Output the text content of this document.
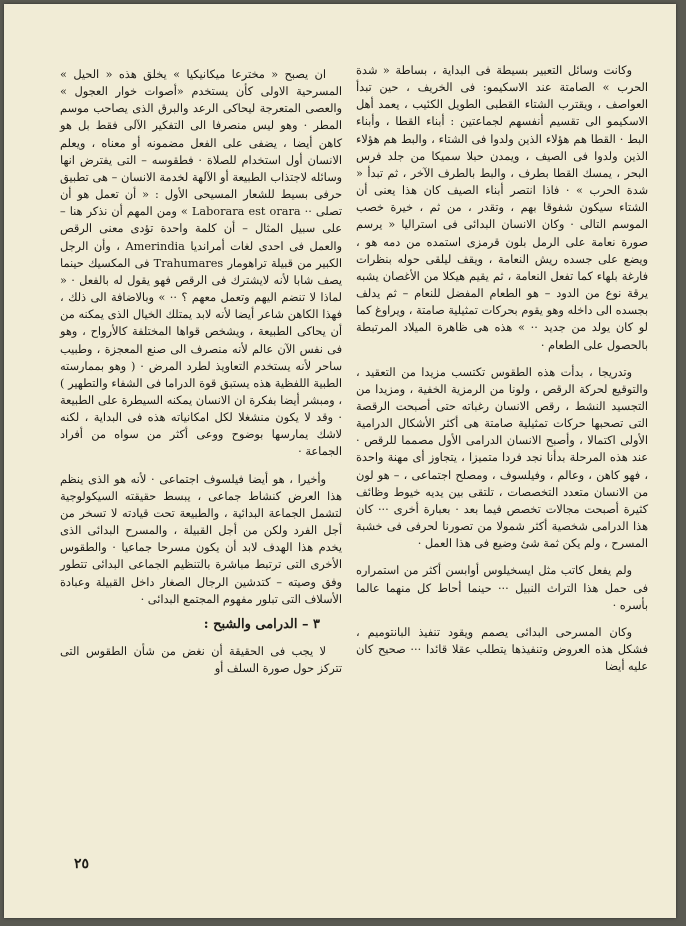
وكانت وسائل التعبير بسيطة فى البداية ، بساطة « شدة الحرب » الصامتة عند الاسكيمو: فى الخريف ، حين تبدأ العواصف ، ويقترب الشتاء القطبى الطويل الكئيب ، يعمد أهل الاسكيمو الى تقسيم أنفسهم لجماعتين : أبناء القطا ، وأبناء البط · القطا هم هؤلاء الذين ولدوا فى الشتاء ، والبط هم هؤلاء الذين ولدوا فى الصيف ، ويمدن حبلا سميكا من جلد فرس البحر ، يمسك القطا بطرف ، والبط بالطرف الآخر ، ثم تبدأ « شدة الحرب » · فاذا انتصر أبناء الصيف كان هذا يعنى أن الشتاء سيكون شفوقا بهم ، وتقدر ، من ثم ، خيرة خصب الموسم التالى · وكان الانسان البدائى فى استراليا « يرسم صورة نعامة على الرمل بلون قرمزى استمده من دمه هو ، ويضع على جسده ريش النعامة ، ويقف ليلقى حوله بنظرات فارغة بلهاء كما تفعل النعامة ، ثم يقيم هيكلا من الأغصان يشبه يرقة نوع من الدود – هو الطعام المفضل للنعام – ثم يدلف بجسده الى داخله وهو يقوم بحركات تمثيلية صامتة ، ويراوغ كما لو كان يولد من جديد ·· » هذه هى ظاهرة الميلاد المرتبطة بالحصول على الطعام ·

وتدريجا ، بدأت هذه الطقوس تكتسب مزيدا من التعقيد ، والتوقيع لحركة الرقص ، ولونا من الرمزية الخفية ، ومزيدا من التجسيد النشط ، رقص الانسان رغباته حتى أصبحت الرقصة التى تصحبها حركات تمثيلية صامتة هى أكثر الأشكال الدرامية الأولى اكتمالا ، وأصبح الانسان الدرامى الأول مصمما للرقص · عند هذه المرحلة بدأنا نجد فردا متميزا ، يتجاوز أى مهنة واحدة ، فهو كاهن ، وعالم ، وفيلسوف ، ومصلح اجتماعى ، – هو لون من الانسان متعدد التخصصات ، تلتقى بين يديه خيوط وظائف كثيرة أصبحت مجالات تخصص فيما بعد · بعبارة أخرى ··· كان هذا الدرامى شخصية أكثر شمولا من تصورنا لحرفى فى خشبة المسرح ، ولم يكن ثمة شئ وضيع فى هذا العمل ·

ولم يفعل كاتب مثل ايسخيلوس أوابسن أكثر من استمراره فى حمل هذا التراث النبيل ··· حينما أحاط كل منهما عالما بأسره ·

وكان المسرحى البدائى يصمم ويقود تنفيذ البانتوميم ، فشكل هذه العروض وتنفيذها يتطلب عقلا قائدا ··· صحيح كان عليه أيضا

ان يصبح « مخترعا ميكانيكيا » يخلق هذه « الحيل » المسرحية الاولى كأن يستخدم «أصوات خوار العجول » والعصى المتعرجة ليحاكى الرعد والبرق الذى يصاحب موسم المطر · وهو ليس منصرفا الى التفكير الآلى فقط بل هو كاهن أيضا ، يضفى على الفعل مضمونه أو معناه ، ويعلم الانسان أول استخدام للصلاة · فطقوسه – التى يفترض انها وسائله لاجتذاب الطبيعة أو الآلهة لخدمة الانسان – هى تطبيق حرفى بسيط للشعار المسيحى الأول : « أن تعمل هو أن تصلى ·· Laborara est orara » ومن المهم أن نذكر هنا – على سبيل المثال – أن كلمة واحدة تؤدى معنى الرقص والعمل فى احدى لغات أمرانديا Amerindia ، وأن الرجل الكبير من قبيلة تراهومار Trahumares فى المكسيك حينما يصف شابا لأنه لايشترك فى الرقص فهو يقول له بالفعل · « لماذا لا تنضم اليهم وتعمل معهم ؟ ·· » وبالاضافة الى ذلك ، فهذا الكاهن شاعر أيضا لأنه لابد يمتلك الخيال الذى يمكنه من أن يحاكى الطبيعة ، ويشخص قواها المختلفة كالأرواح ، وهو فى نفس الآن عالم لأنه منصرف الى صنع المعجزة ، وطبيب ساحر لأنه يستخدم التعاويذ لطرد المرض · ( وهو بممارسته الطبية اللفظية هذه يستبق قوة الدراما فى الشفاء والتطهير ) ، ومبشر أيضا بفكرة ان الانسان يمكنه السيطرة على الطبيعة · وقد لا يكون منشغلا لكل امكانياته هذه فى البداية ، لكنه لاشك يمارسها بوضوح ووعى أكثر من سواه من أفراد الجماعة ·

وأخيرا ، هو أيضا فيلسوف اجتماعى · لأنه هو الذى ينظم هذا العرض كنشاط جماعى ، يبسط حقيقته السيكولوجية لتشمل الجماعة البدائية ، والطبيعة تحت قيادته لا تسخر من أجل الفرد ولكن من أجل القبيلة ، والمسرح البدائى الذى يخدم هذا الهدف لابد أن يكون مسرحا جماعيا · والطقوس الأخرى التى ترتبط مباشرة بالتنظيم الجماعى البدائى تتطور وفق وصيته – كتدشين الرجال الصغار داخل القبيلة وعبادة الأسلاف التى تبلور مفهوم المجتمع البدائى ·

٣ – الدرامى والشبح :

لا يجب فى الحقيقة أن نغض من شأن الطقوس التى تتركز حول صورة السلف أو

٢٥
